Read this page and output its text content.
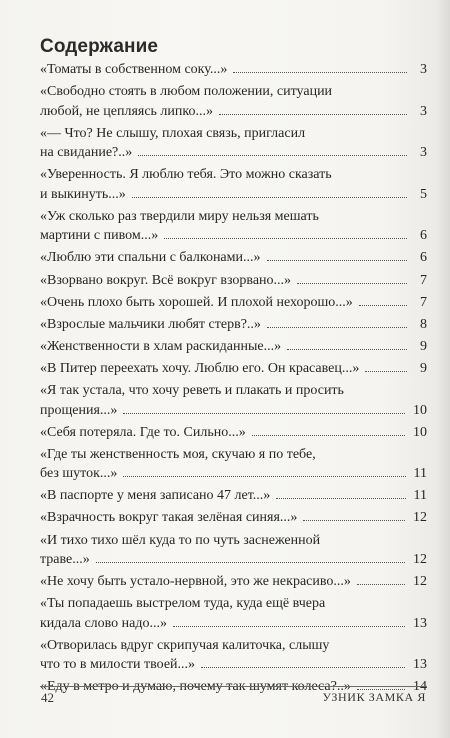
Содержание
«Томаты в собственном соку...»	3
«Свободно стоять в любом положении, ситуации
любой, не цепляясь липко...»	3
«— Что? Не слышу, плохая связь, пригласил
на свидание?..»	3
«Уверенность. Я люблю тебя. Это можно сказать
и выкинуть...»	5
«Уж сколько раз твердили миру нельзя мешать
мартини с пивом...»	6
«Люблю эти спальни с балконами...»	6
«Взорвано вокруг. Всё вокруг взорвано...»	7
«Очень плохо быть хорошей. И плохой нехорошо...»	7
«Взрослые мальчики любят стерв?..»	8
«Женственности в хлам раскиданные...»	9
«В Питер переехать хочу. Люблю его. Он красавец...»	9
«Я так устала, что хочу реветь и плакать и просить
прощения...»	10
«Себя потеряла. Где то. Сильно...»	10
«Где ты женственность моя, скучаю я по тебе,
без шуток...»	11
«В паспорте у меня записано 47 лет...»	11
«Взрачность вокруг такая зелёная синяя...»	12
«И тихо тихо шёл куда то по чуть заснеженной
траве...»	12
«Не хочу быть устало-нервной, это же некрасиво...»	12
«Ты попадаешь выстрелом туда, куда ещё вчера
кидала слово надо...»	13
«Отворилась вдруг скрипучая калиточка, слышу
что то в милости твоей...»	13
«Еду в метро и думаю, почему так шумят колеса?..»	14
42	УЗНИК ЗАМКА Я
